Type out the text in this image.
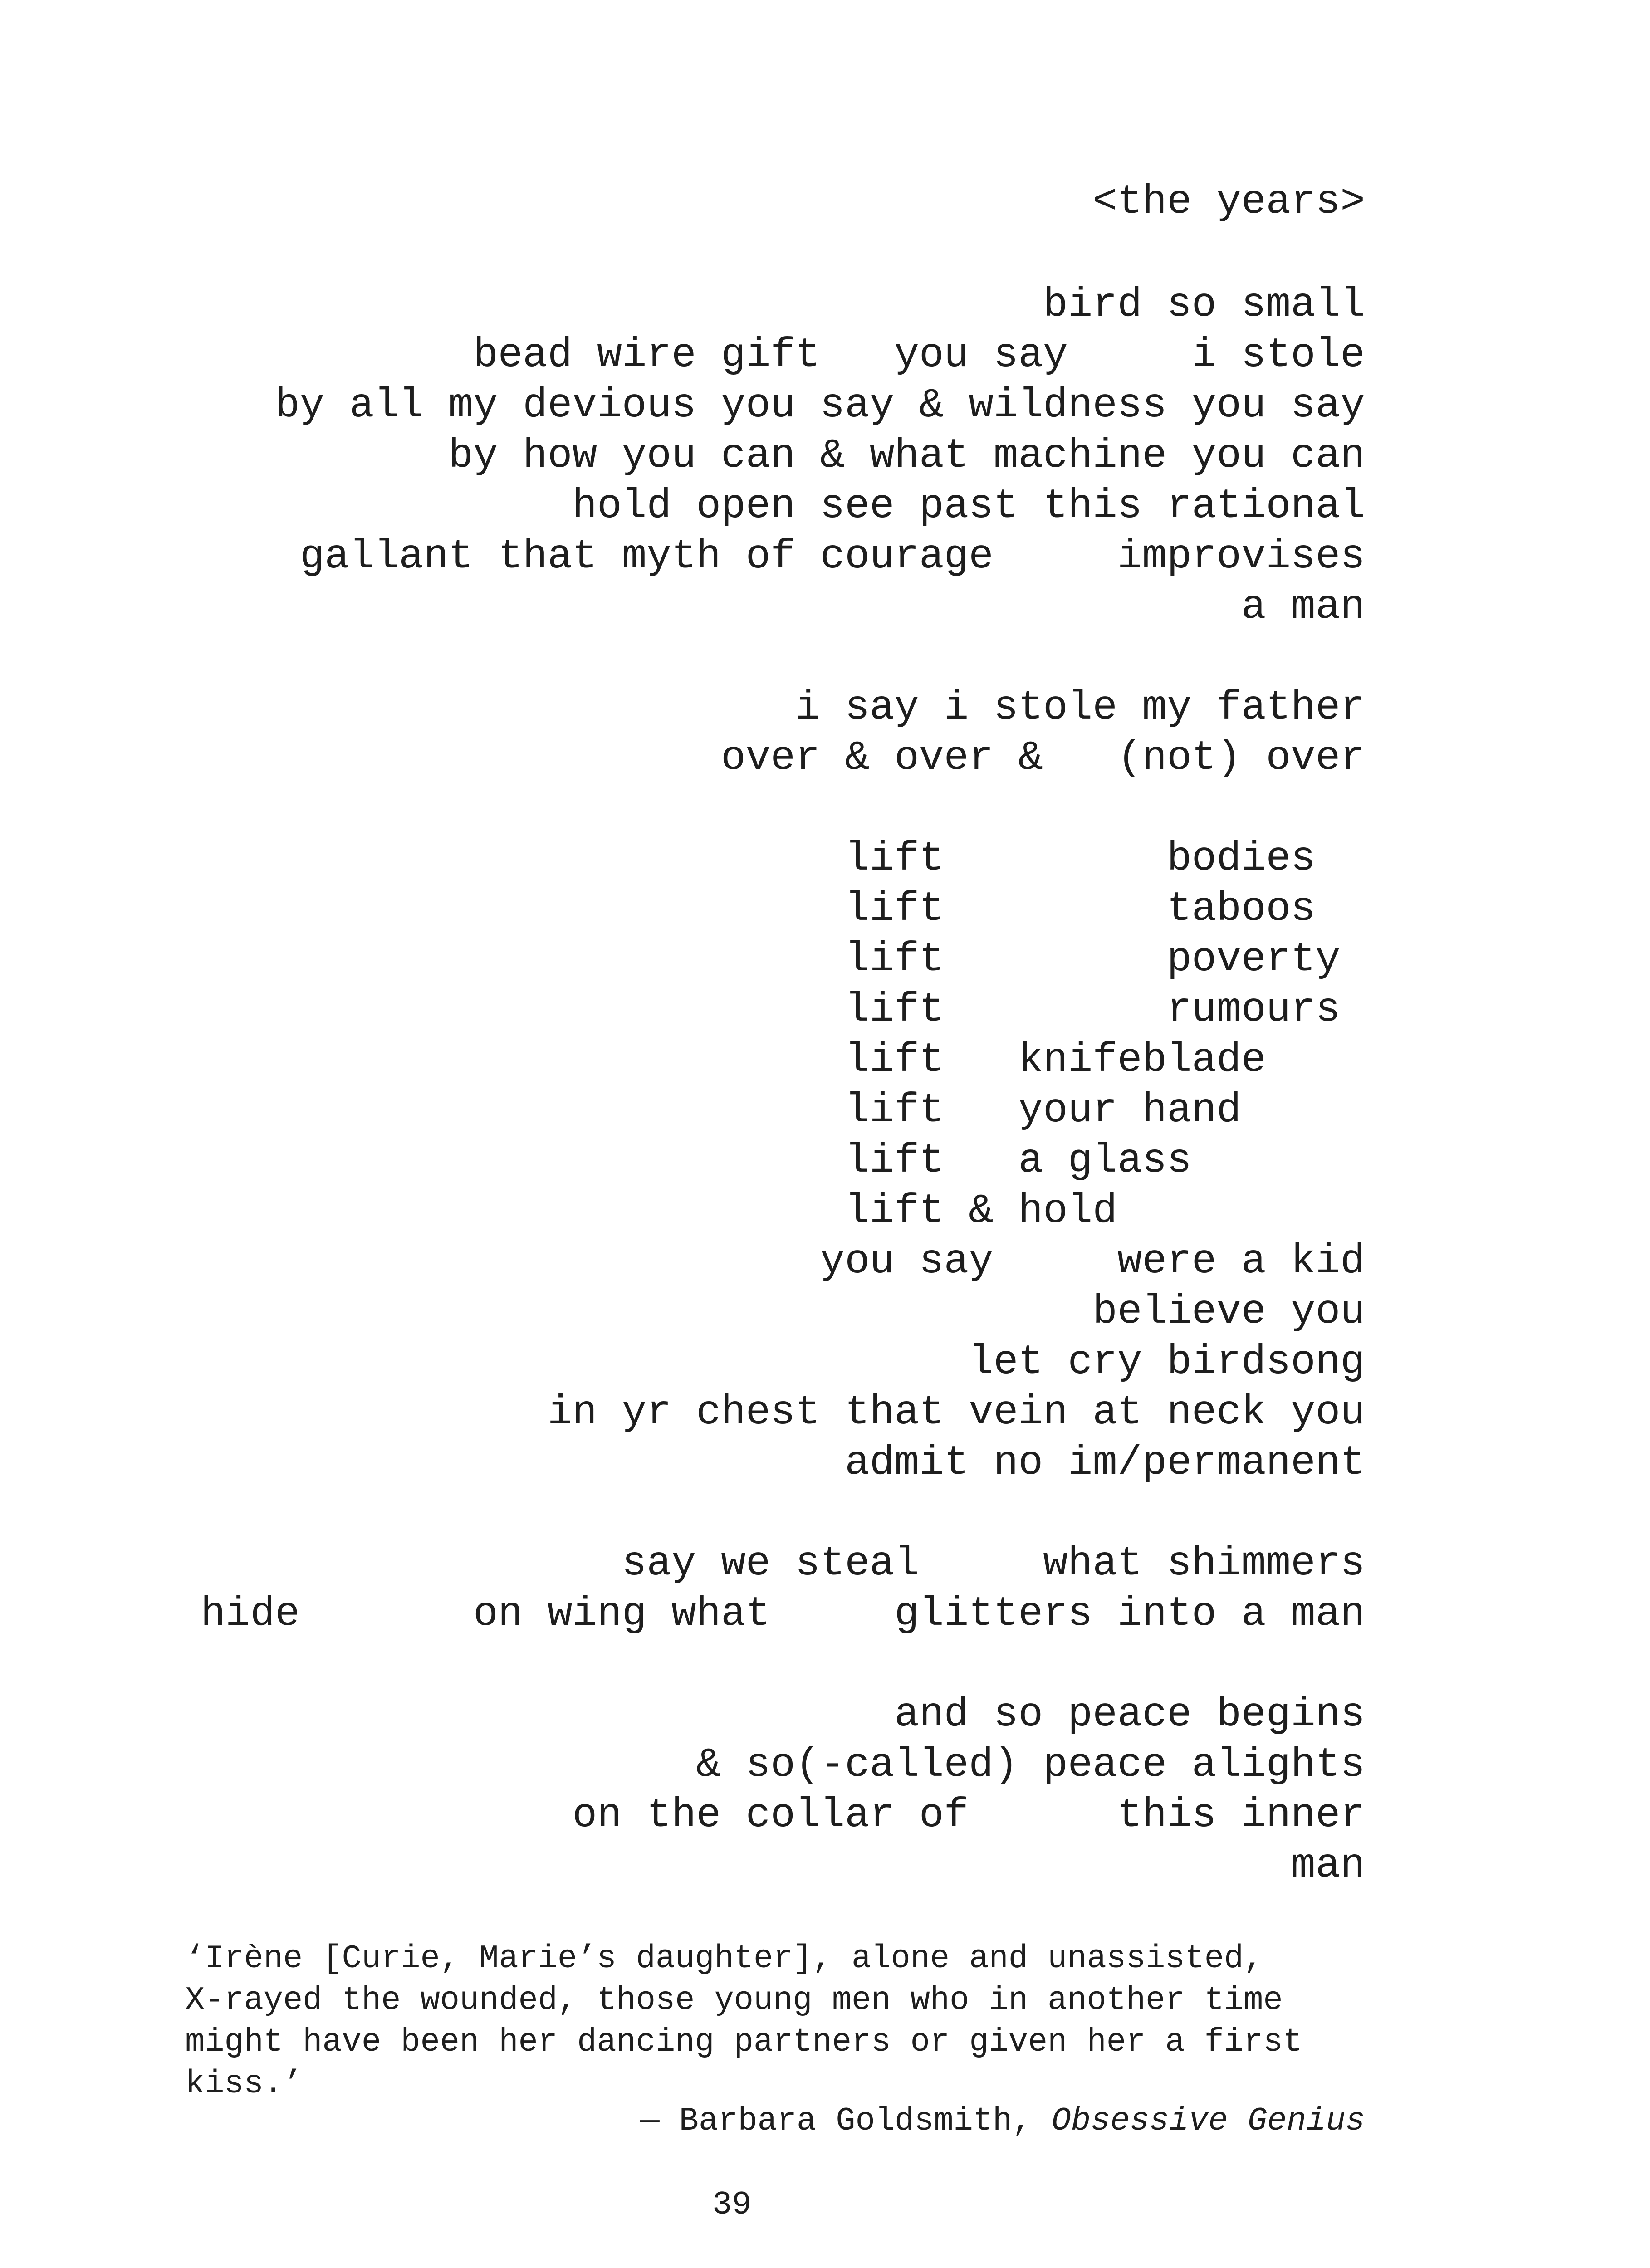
<the years>

bird so small

bead wire gift   you say     i stole

by all my devious you say & wildness you say

by how you can & what machine you can

hold open see past this rational

gallant that myth of courage     improvises

a man

i say i stole my father

over & over &   (not) over

lift         bodies

lift         taboos

lift         poverty

lift         rumours

lift   knifeblade

lift   your hand

lift   a glass

lift & hold

you say     were a kid

believe you

let cry birdsong

in yr chest that vein at neck you

admit no im/permanent

say we steal     what shimmers

hide       on wing what     glitters into a man

and so peace begins

& so(-called) peace alights

on the collar of      this inner

man

‘Irène [Curie, Marie’s daughter], alone and unassisted,
X-rayed the wounded, those young men who in another time
might have been her dancing partners or given her a first
kiss.’

— Barbara Goldsmith, Obsessive Genius

39
